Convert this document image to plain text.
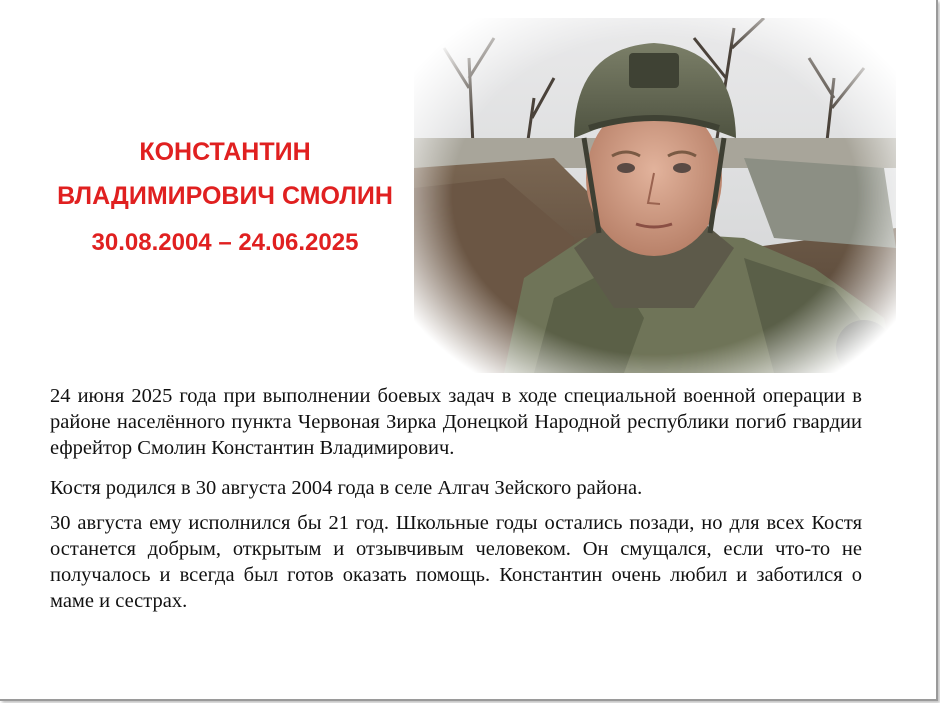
КОНСТАНТИН
ВЛАДИМИРОВИЧ СМОЛИН
30.08.2004 – 24.06.2025

24 июня 2025 года при выполнении боевых задач в ходе специальной военной операции в районе населённого пункта Червоная Зирка Донецкой Народной республики погиб гвардии ефрейтор Смолин Константин Владимирович.

Костя родился в 30 августа 2004 года в селе Алгач Зейского района.

30 августа ему исполнился бы 21 год. Школьные годы остались позади, но для всех Костя останется добрым, открытым и отзывчивым человеком. Он смущался, если что-то не получалось и всегда был готов оказать помощь. Константин очень любил и заботился о маме и сестрах.
